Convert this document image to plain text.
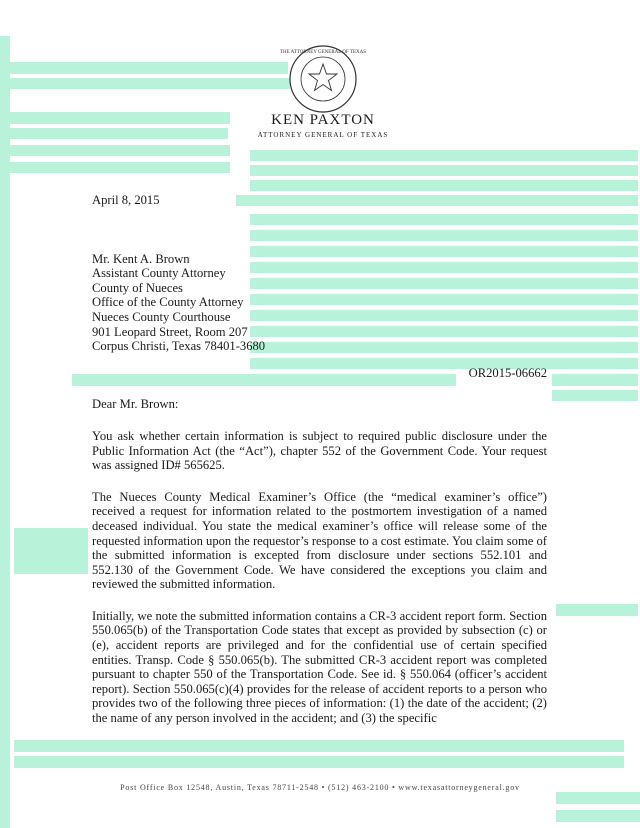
THE ATTORNEY GENERAL OF TEXAS
KEN PAXTON
ATTORNEY GENERAL OF TEXAS

April 8, 2015

Mr. Kent A. Brown

Assistant County Attorney

County of Nueces

Office of the County Attorney

Nueces County Courthouse

901 Leopard Street, Room 207

Corpus Christi, Texas 78401-3680

OR2015-06662

Dear Mr. Brown:

You ask whether certain information is subject to required public disclosure under the Public Information Act (the “Act”), chapter 552 of the Government Code. Your request was assigned ID# 565625.

The Nueces County Medical Examiner’s Office (the “medical examiner’s office”) received a request for information related to the postmortem investigation of a named deceased individual. You state the medical examiner’s office will release some of the requested information upon the requestor’s response to a cost estimate. You claim some of the submitted information is excepted from disclosure under sections 552.101 and 552.130 of the Government Code. We have considered the exceptions you claim and reviewed the submitted information.

Initially, we note the submitted information contains a CR-3 accident report form. Section 550.065(b) of the Transportation Code states that except as provided by subsection (c) or (e), accident reports are privileged and for the confidential use of certain specified entities. Transp. Code § 550.065(b). The submitted CR-3 accident report was completed pursuant to chapter 550 of the Transportation Code. See id. § 550.064 (officer’s accident report). Section 550.065(c)(4) provides for the release of accident reports to a person who provides two of the following three pieces of information: (1) the date of the accident; (2) the name of any person involved in the accident; and (3) the specific

Post Office Box 12548, Austin, Texas 78711-2548 • (512) 463-2100 • www.texasattorneygeneral.gov
